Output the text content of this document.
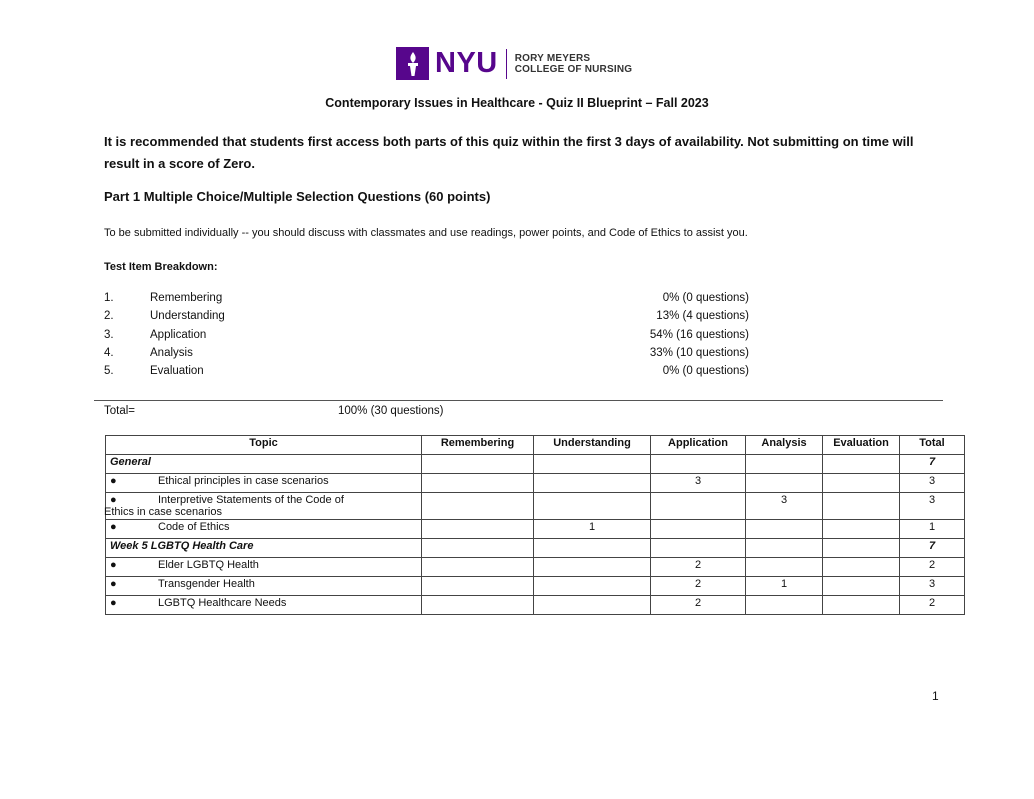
NYU RORY MEYERS
COLLEGE OF NURSING
Contemporary Issues in Healthcare - Quiz II Blueprint – Fall 2023
It is recommended that students first access both parts of this quiz within the first 3 days of availability. Not submitting on time will result in a score of Zero.
Part 1 Multiple Choice/Multiple Selection Questions (60 points)
To be submitted individually -- you should discuss with classmates and use readings, power points, and Code of Ethics to assist you.
Test Item Breakdown:
1.	Remembering	0% (0 questions)
2.	Understanding	13% (4 questions)
3.	Application	54% (16 questions)
4.	Analysis	33% (10 questions)
5.	Evaluation	0% (0 questions)
Total=	100% (30 questions)
Topic	Remembering	Understanding	Application	Analysis	Evaluation	Total
General						7
● Ethical principles in case scenarios			3			3
● Interpretive Statements of the Code of
Ethics in case scenarios				3		3
● Code of Ethics		1				1
Week 5 LGBTQ Health Care						7
● Elder LGBTQ Health			2			2
● Transgender Health			2	1		3
● LGBTQ Healthcare Needs			2			2
1
